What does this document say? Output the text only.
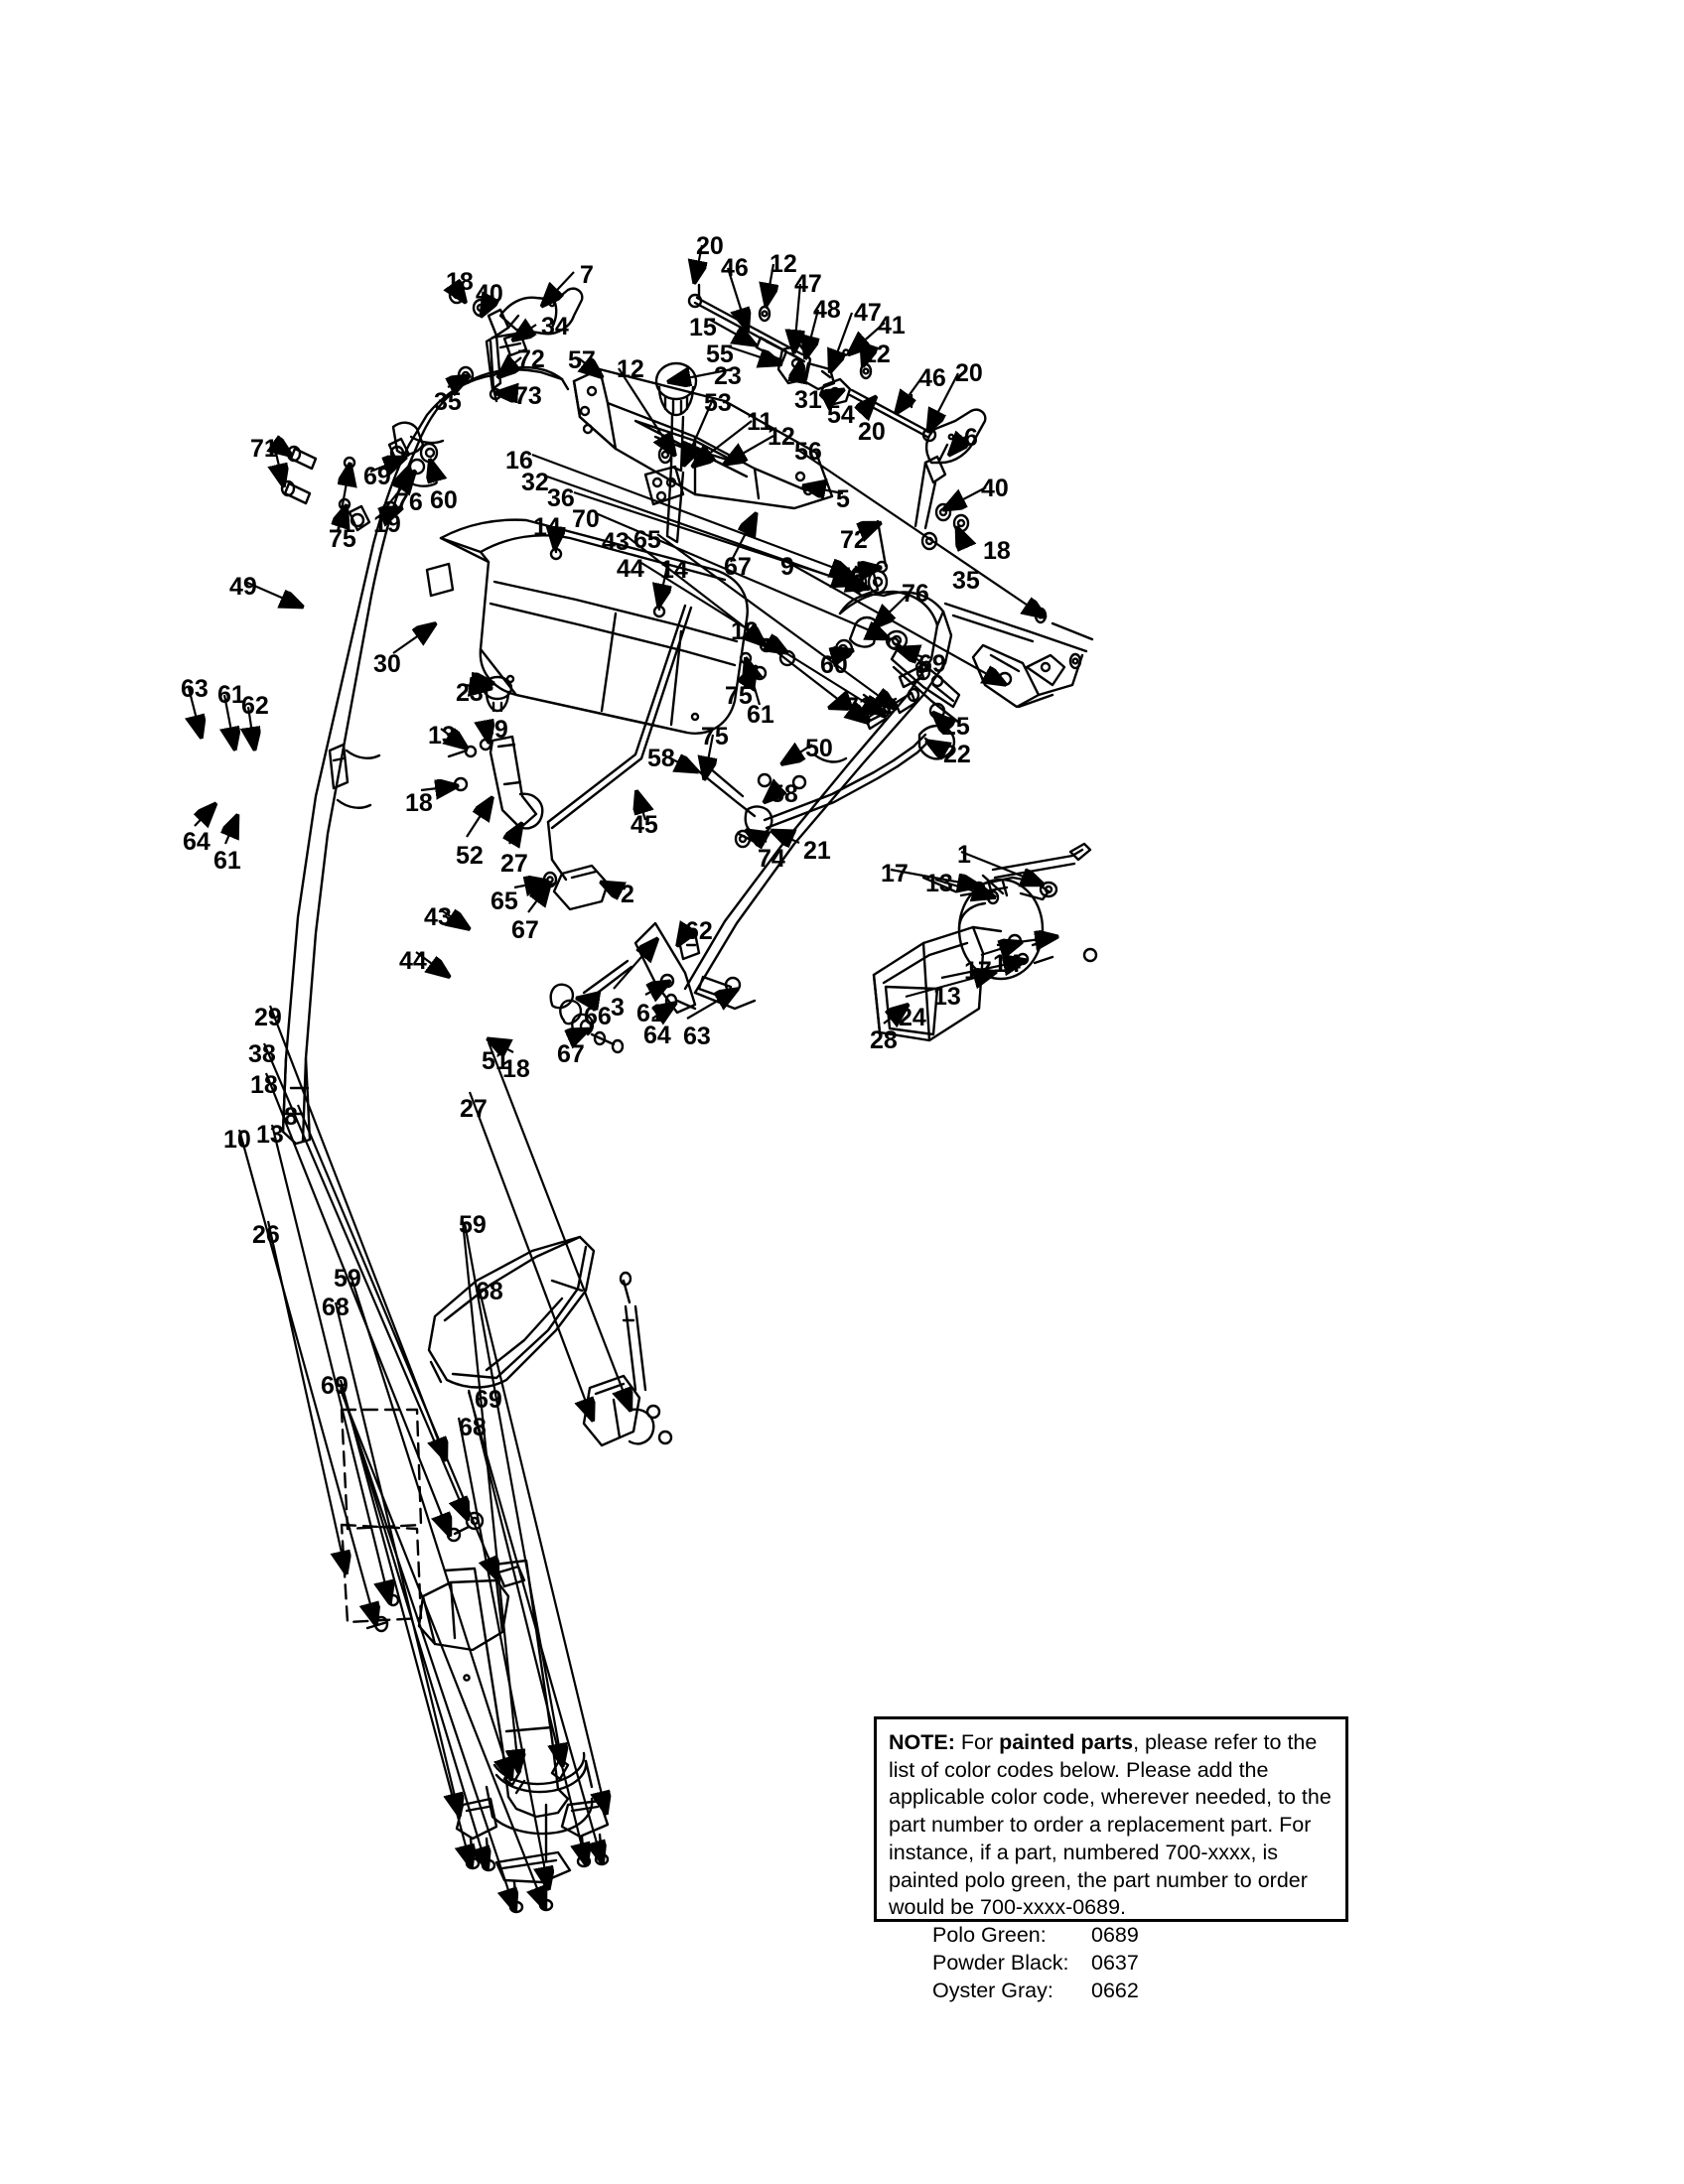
18 40
7
34
72
73
35
57 12
20
46 12
47
48 47
41
15
55	12
46 20
23
53	31
54
20
11
12
56
16
32
36
70
5
43 65
44 14 67 9
6
40
72	18
73	35
71
69
76 60
19
75	14
49
30
76
19
60	69
75
61	71
23
63 61
62
64
61
13 39
18
52 27
75
58	50
58
25
22
21
74
45
65	2
67
17 13
1
17 14
13
24
28
43
44
3
62
61
64 63
66
67
18
51
27
29
38
18
8
10 13
26	59
59	68
68
69	69
68

NOTE: For painted parts, please refer to the list of color codes below. Please add the applicable color code, wherever needed, to the part number to order a replacement part. For instance, if a part, numbered 700-xxxx, is painted polo green, the part number to order would be 700-xxxx-0689.

Polo Green:	0689
Powder Black:	0637
Oyster Gray:	0662
